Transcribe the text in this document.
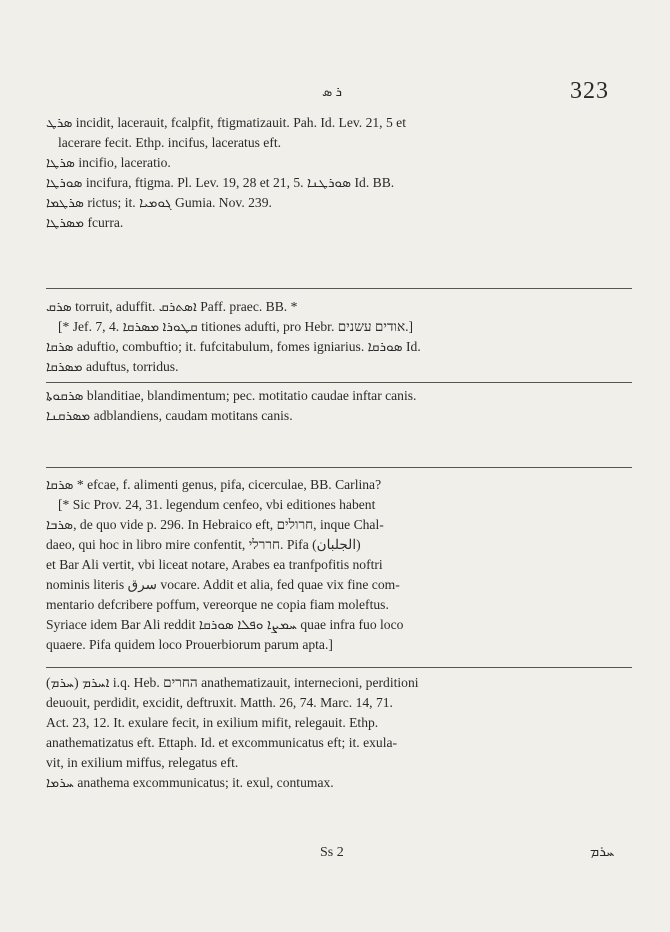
ܪ ܣ	323
ܣܪܛ incidit, lacerauit, fcalpfit, ftigmatizauit. Pah. Id. Lev. 21, 5 et
lacerare fecit. Ethp. incifus, laceratus eft.
ܣܪܛܐ incifio, laceratio.
ܣܘܪܛܐ incifura, ftigma. Pl. Lev. 19, 28 et 21, 5. ܣܘܪܛܢܐ Id. BB.
ܣܪܛܡܐ rictus; it. ܓܘܡܝܐ Gumia. Nov. 239.
ܡܣܪܛܐ fcurra.
ܣܪܩ torruit, aduffit. ܐܣܬܪܩ Paff. praec. BB. *
[* Jef. 7, 4. ܩܛܘܪܐ ܡܣܪܩܐ titiones adufti, pro Hebr. אודים עשנים.]
ܣܪܩܐ aduftio, combuftio; it. fufcitabulum, fomes igniarius. ܣܘܪܩܐ Id.
ܡܣܪܩܐ aduftus, torridus.
ܣܪܩܘܬܐ blanditiae, blandimentum; pec. motitatio caudae inftar canis.
ܡܣܪܩܢܐ adblandiens, caudam motitans canis.
ܣܪܩܐ * efcae, f. alimenti genus, pifa, cicerculae, BB. Carlina?
[* Sic Prov. 24, 31. legendum cenfeo, vbi editiones habent
ܣܪܒܐ, de quo vide p. 296. In Hebraico eft, חרולים, inque Chal-
daeo, qui hoc in libro mire confentit, חררלי. Pifa (الجلبان)
et Bar Ali vertit, vbi liceat notare, Arabes ea tranfpofitis noftri
nominis literis سرق vocare. Addit et alia, fed quae vix fine com-
mentario defcribere poffum, vereorque ne copia fiam moleftus.
Syriace idem Bar Ali reddit ܚܡܨܐ ܘܦܠܐ ܣܘܪܩܐ quae infra fuo loco
quaere. Pifa quidem loco Prouerbiorum parum apta.]
(ܚܪܡ) ܐܚܪܡ i.q. Heb. החרים anathematizauit, internecioni, perditioni
deuouit, perdidit, excidit, deftruxit. Matth. 26, 74. Marc. 14, 71.
Act. 23, 12. It. exulare fecit, in exilium mifit, relegauit. Ethp.
anathematizatus eft. Ettaph. Id. et excommunicatus eft; it. exula-
vit, in exilium miffus, relegatus eft.
ܚܪܡܐ anathema excommunicatus; it. exul, contumax.
Ss 2	ܚܪܡ
